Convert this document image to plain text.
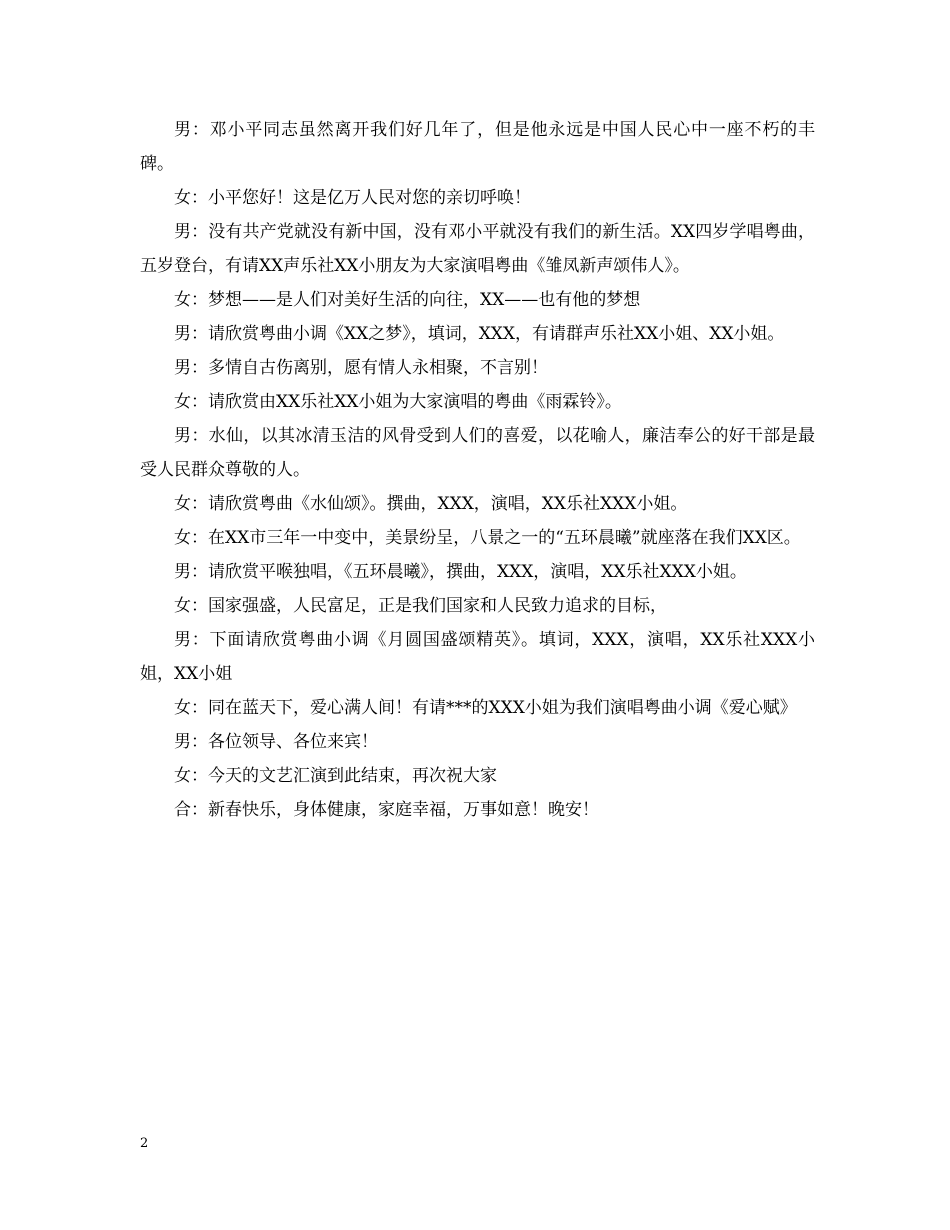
男：邓小平同志虽然离开我们好几年了，但是他永远是中国人民心中一座不朽的丰碑。

女：小平您好！这是亿万人民对您的亲切呼唤！

男：没有共产党就没有新中国，没有邓小平就没有我们的新生活。XX四岁学唱粤曲，五岁登台，有请XX声乐社XX小朋友为大家演唱粤曲《雏凤新声颂伟人》。

女：梦想——是人们对美好生活的向往，XX——也有他的梦想

男：请欣赏粤曲小调《XX之梦》，填词，XXX，有请群声乐社XX小姐、XX小姐。

男：多情自古伤离别，愿有情人永相聚，不言别！

女：请欣赏由XX乐社XX小姐为大家演唱的粤曲《雨霖铃》。

男：水仙，以其冰清玉洁的风骨受到人们的喜爱，以花喻人，廉洁奉公的好干部是最受人民群众尊敬的人。

女：请欣赏粤曲《水仙颂》。撰曲，XXX，演唱，XX乐社XXX小姐。

女：在XX市三年一中变中，美景纷呈，八景之一的“五环晨曦”就座落在我们XX区。

男：请欣赏平喉独唱，《五环晨曦》，撰曲，XXX，演唱，XX乐社XXX小姐。

女：国家强盛，人民富足，正是我们国家和人民致力追求的目标，

男：下面请欣赏粤曲小调《月圆国盛颂精英》。填词，XXX，演唱，XX乐社XXX小姐，XX小姐

女：同在蓝天下，爱心满人间！有请***的XXX小姐为我们演唱粤曲小调《爱心赋》

男：各位领导、各位来宾！

女：今天的文艺汇演到此结束，再次祝大家

合：新春快乐，身体健康，家庭幸福，万事如意！晚安！

2
